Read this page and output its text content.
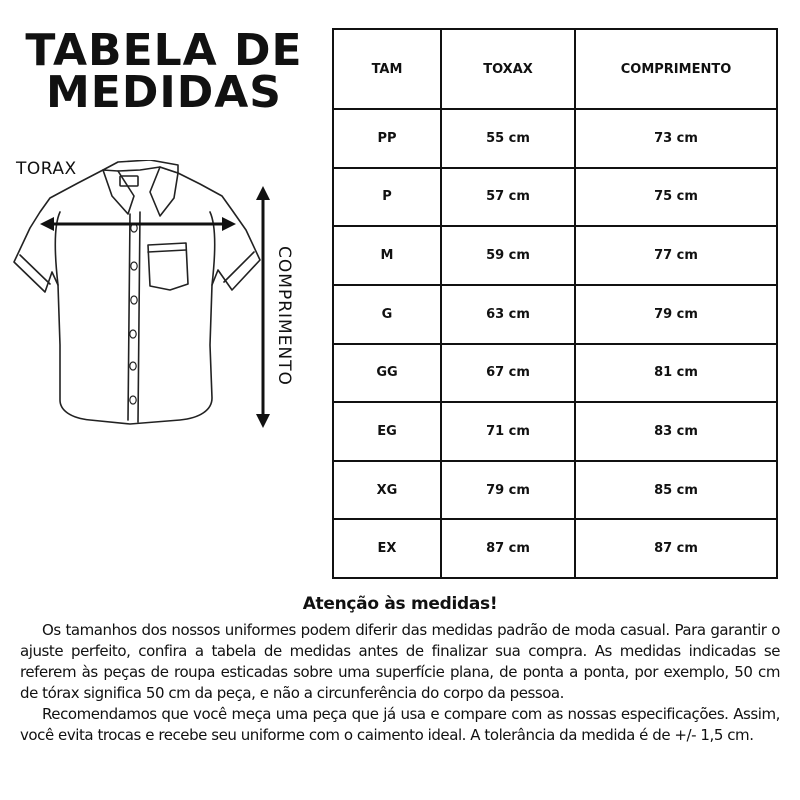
TABELA DE
MEDIDAS
TORAX
COMPRIMENTO
TAM	TOXAX	COMPRIMENTO
PP	55 cm	73 cm
P	57 cm	75 cm
M	59 cm	77 cm
G	63 cm	79 cm
GG	67 cm	81 cm
EG	71 cm	83 cm
XG	79 cm	85 cm
EX	87 cm	87 cm
Atenção às medidas!

Os tamanhos dos nossos uniformes podem diferir das medidas padrão de moda casual. Para garantir o ajuste perfeito, confira a tabela de medidas antes de finalizar sua compra. As medidas indicadas se referem às peças de roupa esticadas sobre uma superfície plana, de ponta a ponta, por exemplo, 50 cm de tórax significa 50 cm da peça, e não a circunferência do corpo da pessoa.

Recomendamos que você meça uma peça que já usa e compare com as nossas especificações. Assim, você evita trocas e recebe seu uniforme com o caimento ideal. A tolerância da medida é de +/- 1,5 cm.
